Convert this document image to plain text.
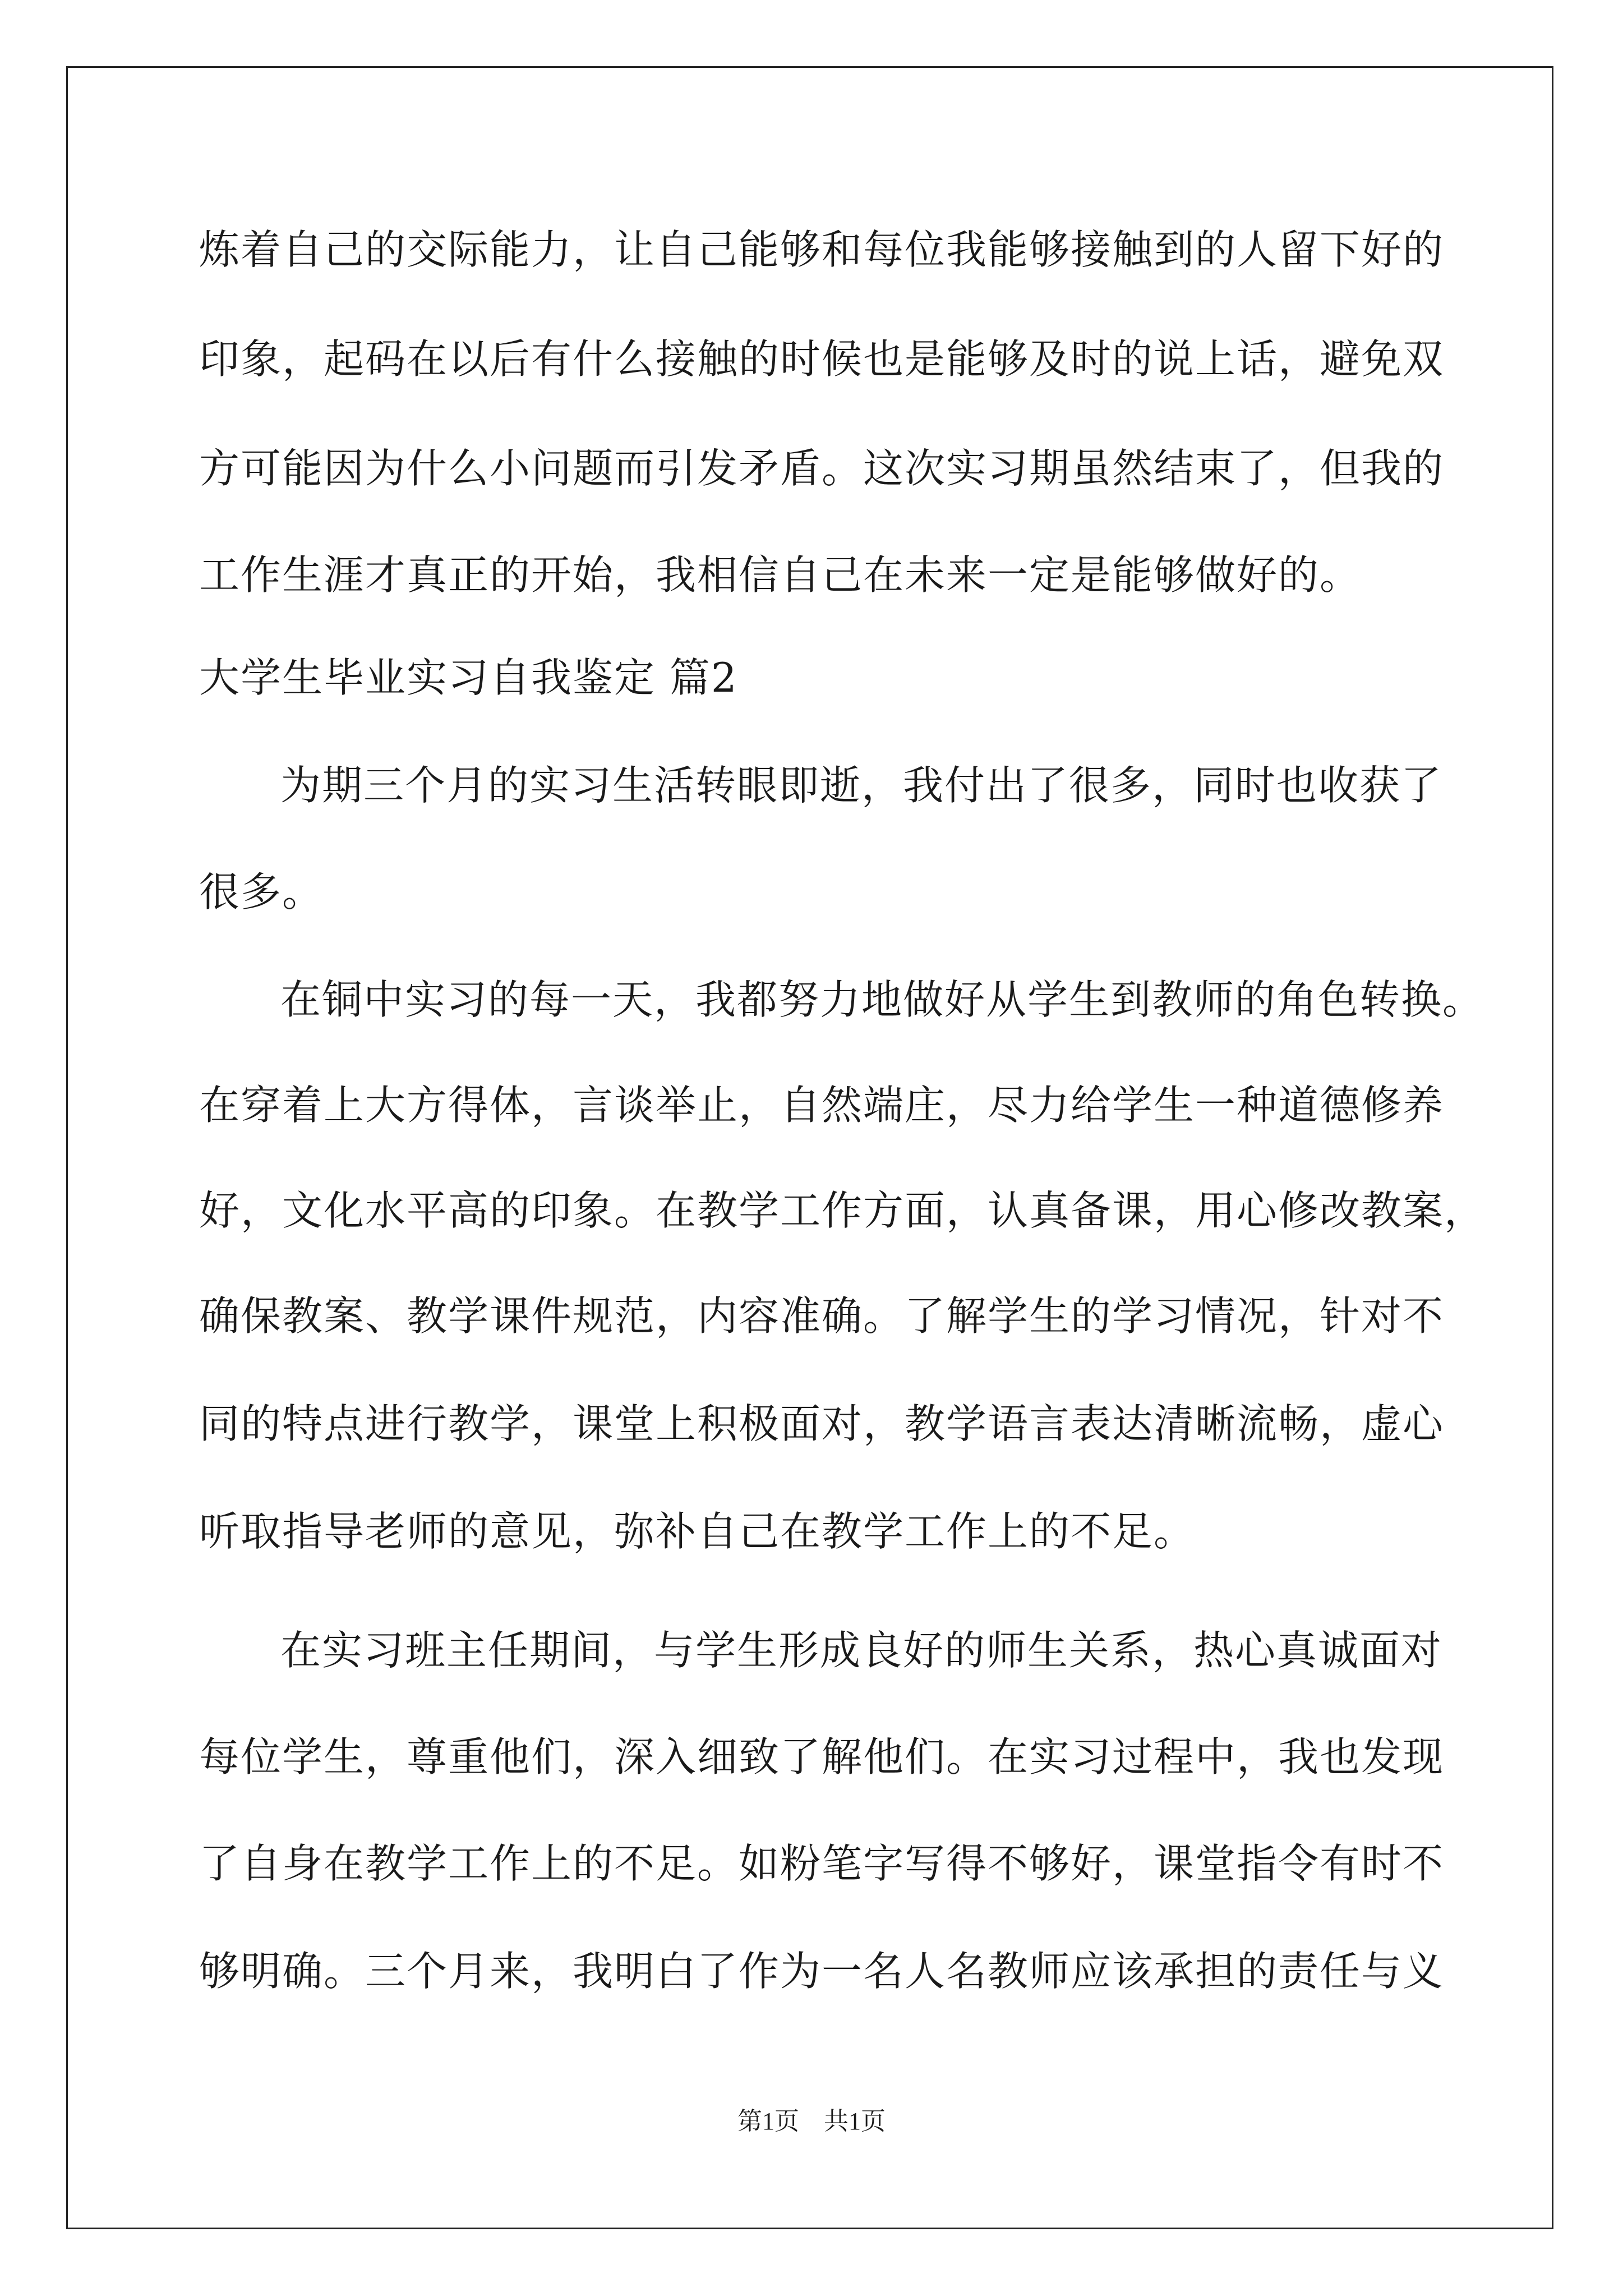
炼着自己的交际能力，让自己能够和每位我能够接触到的人留下好的
印象，起码在以后有什么接触的时候也是能够及时的说上话，避免双
方可能因为什么小问题而引发矛盾。这次实习期虽然结束了，但我的
工作生涯才真正的开始，我相信自己在未来一定是能够做好的。
大学生毕业实习自我鉴定 篇2
为期三个月的实习生活转眼即逝，我付出了很多，同时也收获了
很多。
在铜中实习的每一天，我都努力地做好从学生到教师的角色转换。
在穿着上大方得体，言谈举止，自然端庄，尽力给学生一种道德修养
好，文化水平高的印象。在教学工作方面，认真备课，用心修改教案，
确保教案、教学课件规范，内容准确。了解学生的学习情况，针对不
同的特点进行教学，课堂上积极面对，教学语言表达清晰流畅，虚心
听取指导老师的意见，弥补自己在教学工作上的不足。
在实习班主任期间，与学生形成良好的师生关系，热心真诚面对
每位学生，尊重他们，深入细致了解他们。在实习过程中，我也发现
了自身在教学工作上的不足。如粉笔字写得不够好，课堂指令有时不
够明确。三个月来，我明白了作为一名人名教师应该承担的责任与义
第1页　共1页
